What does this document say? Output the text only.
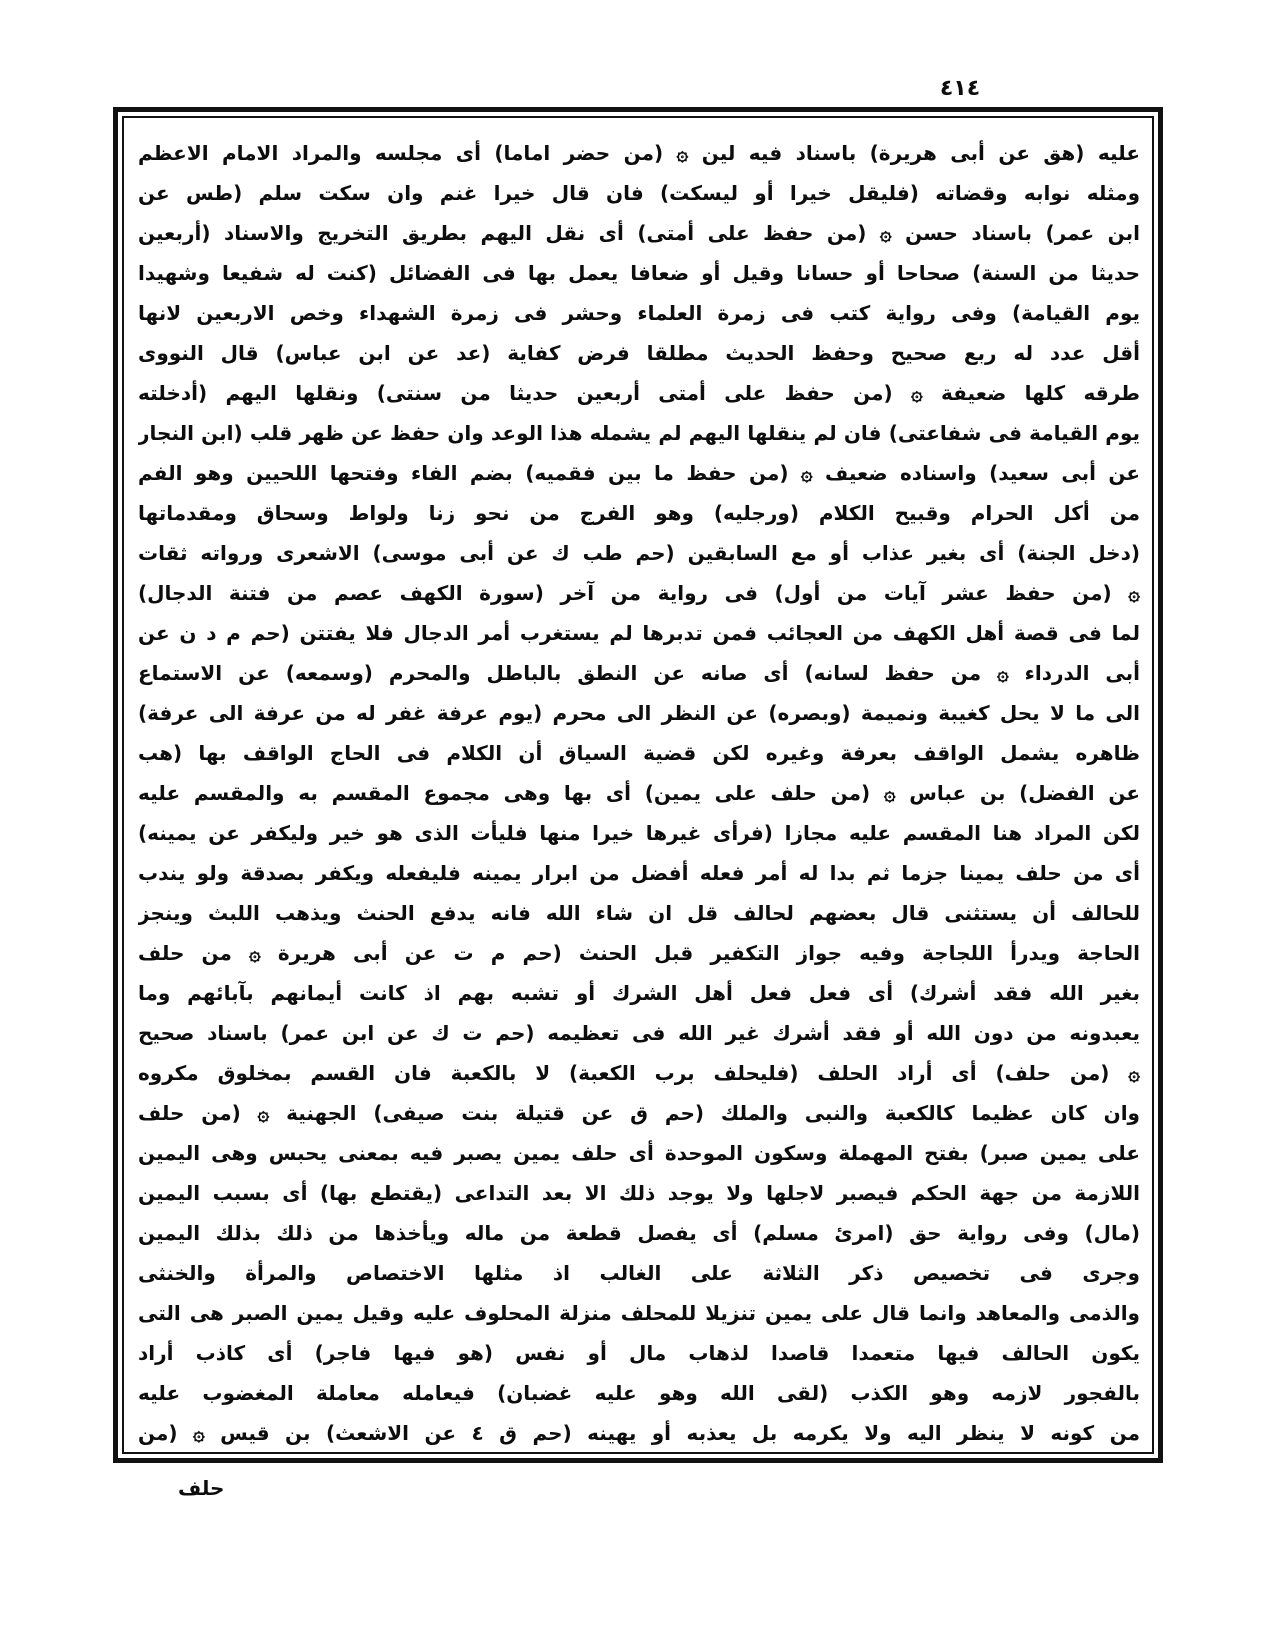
٤١٤
عليه (هق عن أبى هريرة) باسناد فيه لين ۞ (من حضر اماما) أى مجلسه والمراد الامام الاعظم
ومثله نوابه وقضاته (فليقل خيرا أو ليسكت) فان قال خيرا غنم وان سكت سلم (طس عن
ابن عمر) باسناد حسن ۞ (من حفظ على أمتى) أى نقل اليهم بطريق التخريج والاسناد (أربعين
حديثا من السنة) صحاحا أو حسانا وقيل أو ضعافا يعمل بها فى الفضائل (كنت له شفيعا وشهيدا
يوم القيامة) وفى رواية كتب فى زمرة العلماء وحشر فى زمرة الشهداء وخص الاربعين لانها
أقل عدد له ربع صحيح وحفظ الحديث مطلقا فرض كفاية (عد عن ابن عباس) قال النووى
طرقه كلها ضعيفة ۞ (من حفظ على أمتى أربعين حديثا من سنتى) ونقلها اليهم (أدخلته
يوم القيامة فى شفاعتى) فان لم ينقلها اليهم لم يشمله هذا الوعد وان حفظ عن ظهر قلب (ابن النجار
عن أبى سعيد) واسناده ضعيف ۞ (من حفظ ما بين فقميه) بضم الفاء وفتحها اللحيين وهو الفم
من أكل الحرام وقبيح الكلام (ورجليه) وهو الفرج من نحو زنا ولواط وسحاق ومقدماتها
(دخل الجنة) أى بغير عذاب أو مع السابقين (حم طب ك عن أبى موسى) الاشعرى ورواته ثقات
۞ (من حفظ عشر آيات من أول) فى رواية من آخر (سورة الكهف عصم من فتنة الدجال)
لما فى قصة أهل الكهف من العجائب فمن تدبرها لم يستغرب أمر الدجال فلا يفتتن (حم م د ن عن
أبى الدرداء ۞ من حفظ لسانه) أى صانه عن النطق بالباطل والمحرم (وسمعه) عن الاستماع
الى ما لا يحل كغيبة ونميمة (وبصره) عن النظر الى محرم (يوم عرفة غفر له من عرفة الى عرفة)
ظاهره يشمل الواقف بعرفة وغيره لكن قضية السياق أن الكلام فى الحاج الواقف بها (هب
عن الفضل) بن عباس ۞ (من حلف على يمين) أى بها وهى مجموع المقسم به والمقسم عليه
لكن المراد هنا المقسم عليه مجازا (فرأى غيرها خيرا منها فليأت الذى هو خير وليكفر عن يمينه)
أى من حلف يمينا جزما ثم بدا له أمر فعله أفضل من ابرار يمينه فليفعله ويكفر بصدقة ولو يندب
للحالف أن يستثنى قال بعضهم لحالف قل ان شاء الله فانه يدفع الحنث ويذهب اللبث وينجز
الحاجة ويدرأ اللجاجة وفيه جواز التكفير قبل الحنث (حم م ت عن أبى هريرة ۞ من حلف
بغير الله فقد أشرك) أى فعل فعل أهل الشرك أو تشبه بهم اذ كانت أيمانهم بآبائهم وما
يعبدونه من دون الله أو فقد أشرك غير الله فى تعظيمه (حم ت ك عن ابن عمر) باسناد صحيح
۞ (من حلف) أى أراد الحلف (فليحلف برب الكعبة) لا بالكعبة فان القسم بمخلوق مكروه
وان كان عظيما كالكعبة والنبى والملك (حم ق عن قتيلة بنت صيفى) الجهنية ۞ (من حلف
على يمين صبر) بفتح المهملة وسكون الموحدة أى حلف يمين يصبر فيه بمعنى يحبس وهى اليمين
اللازمة من جهة الحكم فيصبر لاجلها ولا يوجد ذلك الا بعد التداعى (يقتطع بها) أى بسبب اليمين
(مال) وفى رواية حق (امرئ مسلم) أى يفصل قطعة من ماله ويأخذها من ذلك بذلك اليمين
وجرى فى تخصيص ذكر الثلاثة على الغالب اذ مثلها الاختصاص والمرأة والخنثى
والذمى والمعاهد وانما قال على يمين تنزيلا للمحلف منزلة المحلوف عليه وقيل يمين الصبر هى التى
يكون الحالف فيها متعمدا قاصدا لذهاب مال أو نفس (هو فيها فاجر) أى كاذب أراد
بالفجور لازمه وهو الكذب (لقى الله وهو عليه غضبان) فيعامله معاملة المغضوب عليه
من كونه لا ينظر اليه ولا يكرمه بل يعذبه أو يهينه (حم ق ٤ عن الاشعث) بن قيس ۞ (من
حلف
